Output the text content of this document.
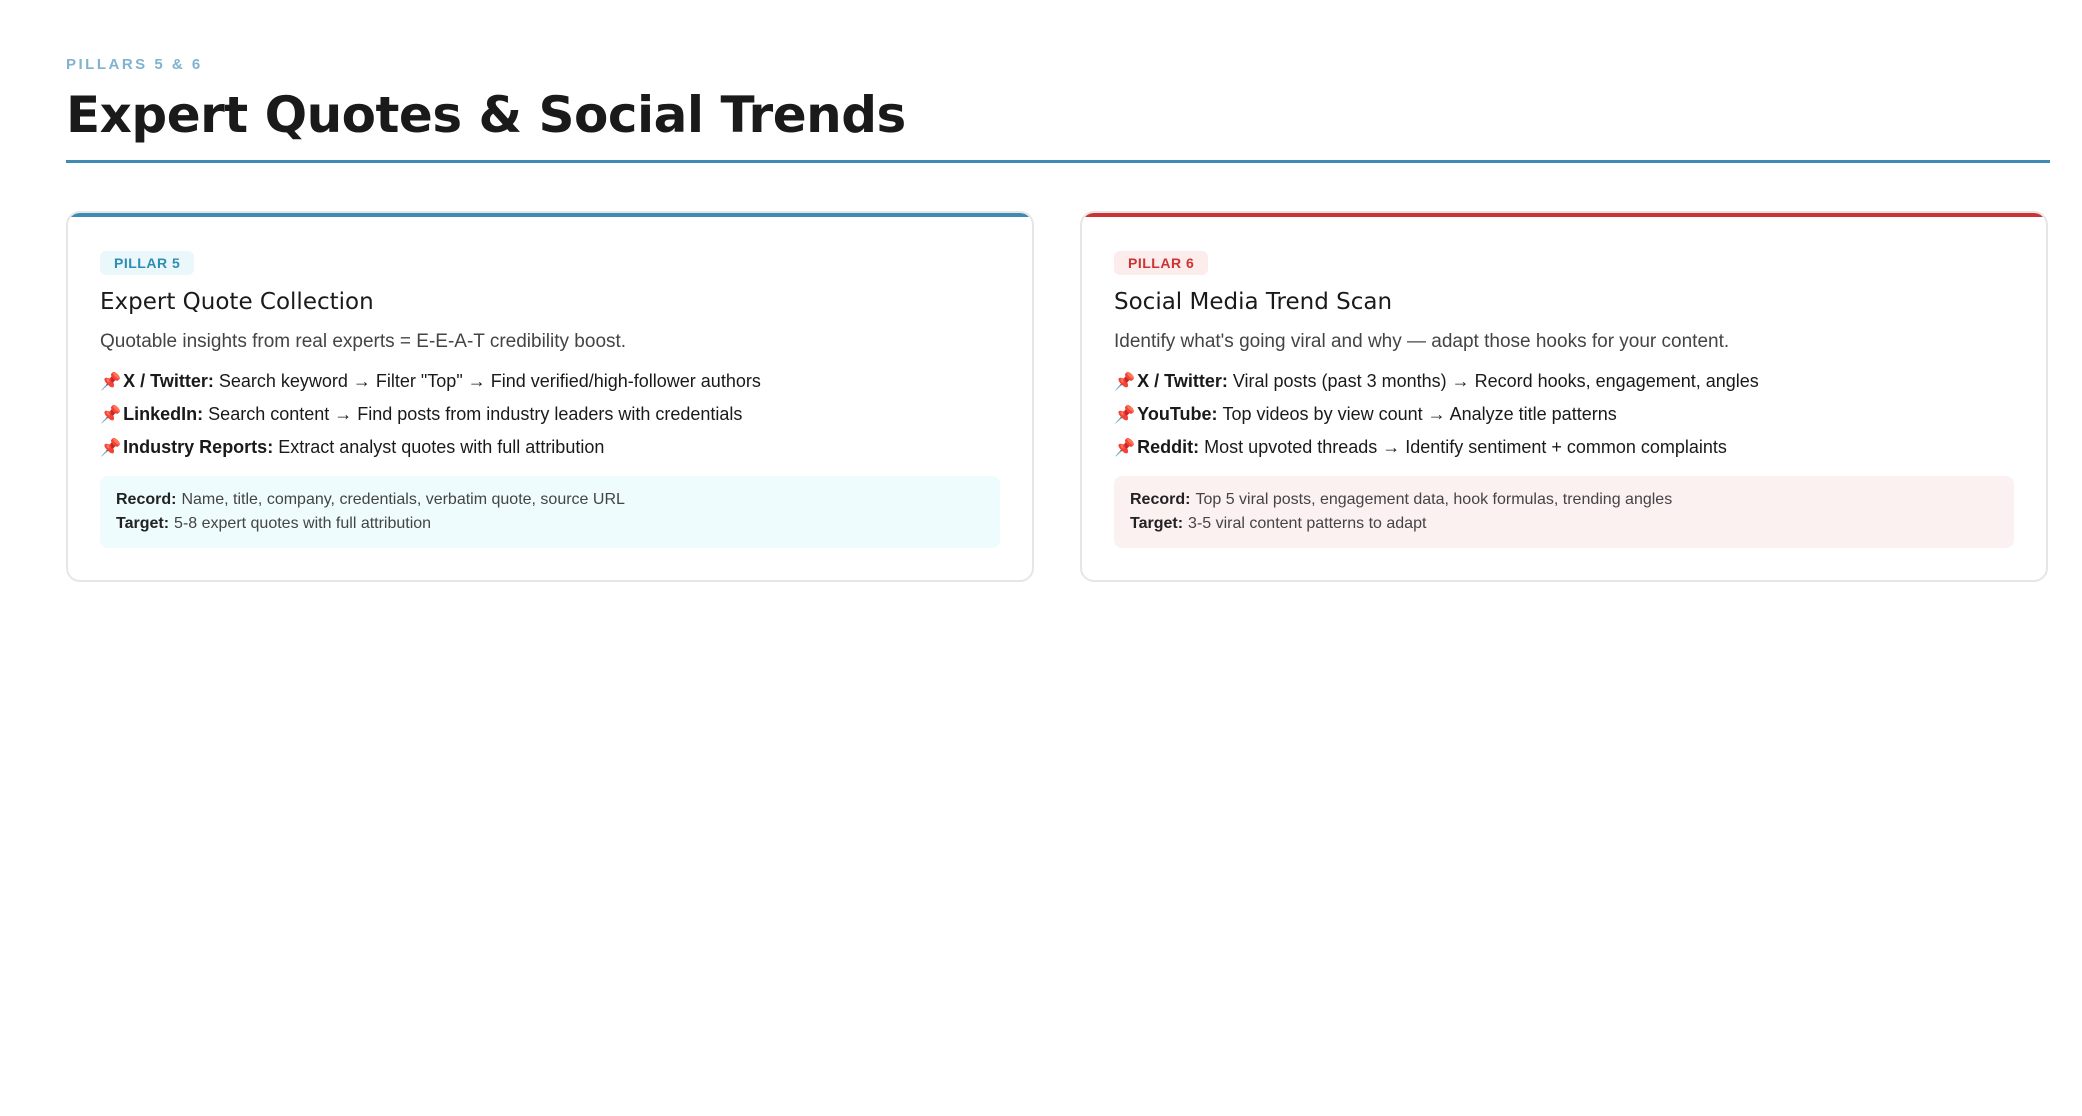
PILLARS 5 & 6
Expert Quotes & Social Trends
PILLAR 5
Expert Quote Collection
Quotable insights from real experts = E-E-A-T credibility boost.
📌 X / Twitter: Search keyword → Filter "Top" → Find verified/high-follower authors
📌 LinkedIn: Search content → Find posts from industry leaders with credentials
📌 Industry Reports: Extract analyst quotes with full attribution
Record: Name, title, company, credentials, verbatim quote, source URL
Target: 5-8 expert quotes with full attribution
PILLAR 6
Social Media Trend Scan
Identify what's going viral and why — adapt those hooks for your content.
📌 X / Twitter: Viral posts (past 3 months) → Record hooks, engagement, angles
📌 YouTube: Top videos by view count → Analyze title patterns
📌 Reddit: Most upvoted threads → Identify sentiment + common complaints
Record: Top 5 viral posts, engagement data, hook formulas, trending angles
Target: 3-5 viral content patterns to adapt
